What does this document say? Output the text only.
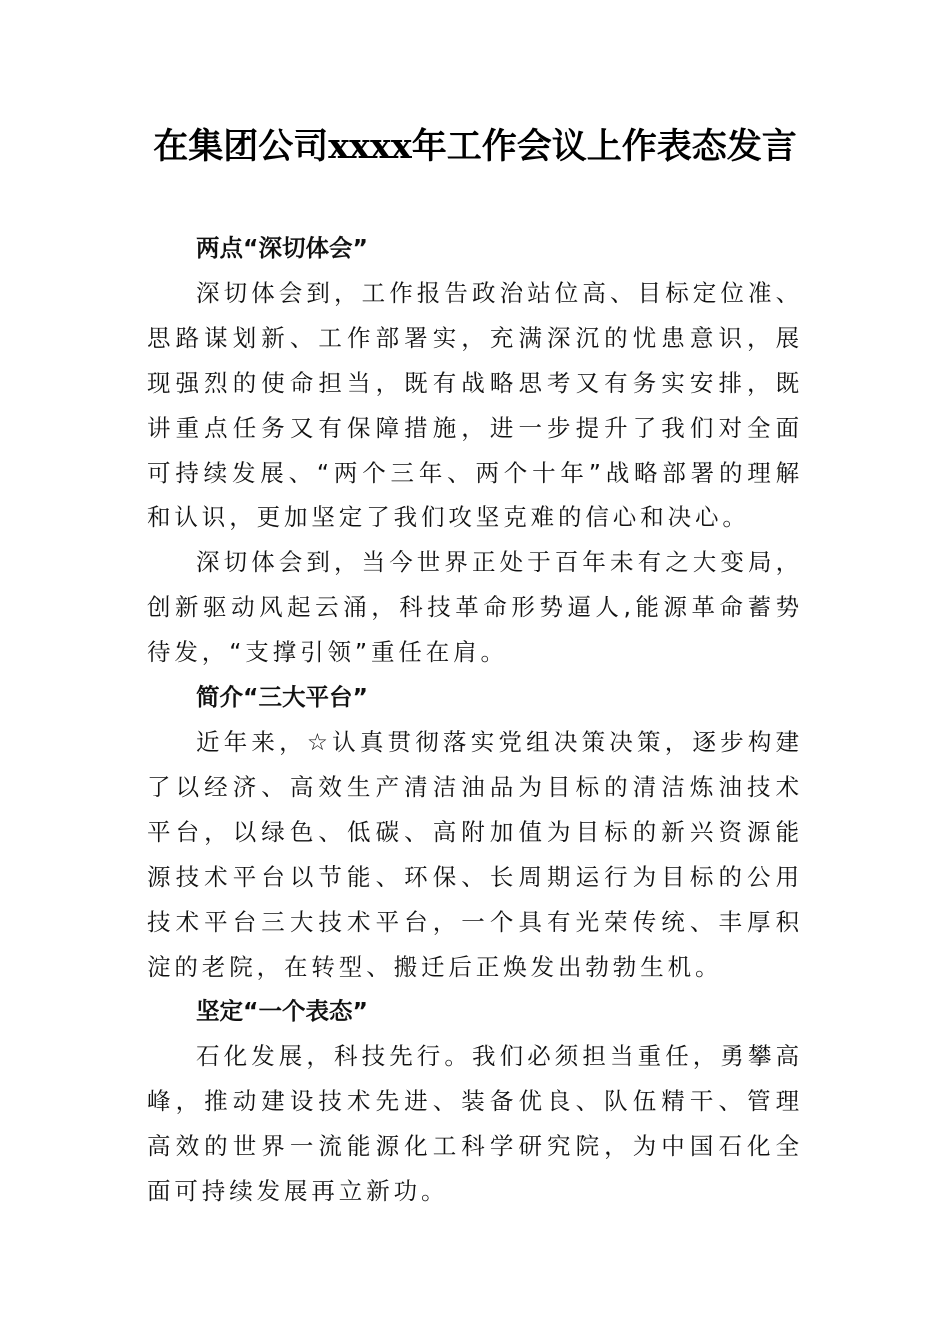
在集团公司xxxx年工作会议上作表态发言

两点“深切体会”

深切体会到，工作报告政治站位高、目标定位准、思路谋划新、工作部署实，充满深沉的忧患意识，展现强烈的使命担当，既有战略思考又有务实安排，既讲重点任务又有保障措施，进一步提升了我们对全面可持续发展、“两个三年、两个十年”战略部署的理解和认识，更加坚定了我们攻坚克难的信心和决心。

深切体会到，当今世界正处于百年未有之大变局，创新驱动风起云涌，科技革命形势逼人,能源革命蓄势待发，“支撑引领”重任在肩。

简介“三大平台”

近年来，☆认真贯彻落实党组决策决策，逐步构建了以经济、高效生产清洁油品为目标的清洁炼油技术平台，以绿色、低碳、高附加值为目标的新兴资源能源技术平台以节能、环保、长周期运行为目标的公用技术平台三大技术平台，一个具有光荣传统、丰厚积淀的老院，在转型、搬迁后正焕发出勃勃生机。

坚定“一个表态”

石化发展，科技先行。我们必须担当重任，勇攀高峰，推动建设技术先进、装备优良、队伍精干、管理高效的世界一流能源化工科学研究院，为中国石化全面可持续发展再立新功。
